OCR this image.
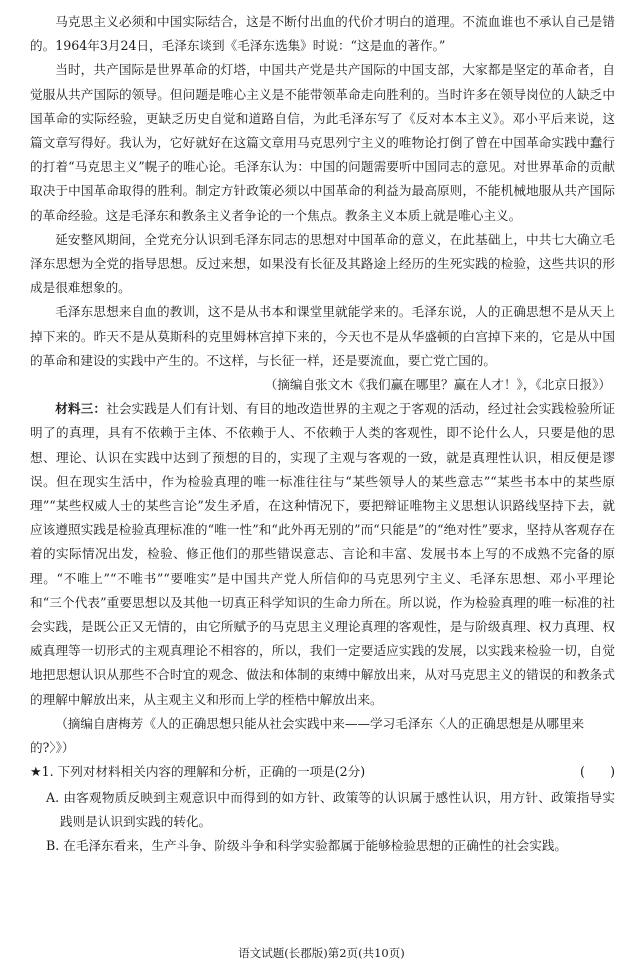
马克思主义必须和中国实际结合，这是不断付出血的代价才明白的道理。不流血谁也不承认自己是错的。1964年3月24日，毛泽东谈到《毛泽东选集》时说：“这是血的著作。”

当时，共产国际是世界革命的灯塔，中国共产党是共产国际的中国支部，大家都是坚定的革命者，自觉服从共产国际的领导。但问题是唯心主义是不能带领革命走向胜利的。当时许多在领导岗位的人缺乏中国革命的实际经验，更缺乏历史自觉和道路自信，为此毛泽东写了《反对本本主义》。邓小平后来说，这篇文章写得好。我认为，它好就好在这篇文章用马克思列宁主义的唯物论打倒了曾在中国革命实践中蠢行的打着“马克思主义”幌子的唯心论。毛泽东认为：中国的问题需要听中国同志的意见。对世界革命的贡献取决于中国革命取得的胜利。制定方针政策必须以中国革命的利益为最高原则，不能机械地服从共产国际的革命经验。这是毛泽东和教条主义者争论的一个焦点。教条主义本质上就是唯心主义。

延安整风期间，全党充分认识到毛泽东同志的思想对中国革命的意义，在此基础上，中共七大确立毛泽东思想为全党的指导思想。反过来想，如果没有长征及其路途上经历的生死实践的检验，这些共识的形成是很难想象的。

毛泽东思想来自血的教训，这不是从书本和课堂里就能学来的。毛泽东说，人的正确思想不是从天上掉下来的。昨天不是从莫斯科的克里姆林宫掉下来的，今天也不是从华盛顿的白宫掉下来的，它是从中国的革命和建设的实践中产生的。不这样，与长征一样，还是要流血，要亡党亡国的。

（摘编自张文木《我们赢在哪里？赢在人才！》，《北京日报》）

材料三：社会实践是人们有计划、有目的地改造世界的主观之于客观的活动，经过社会实践检验所证明了的真理，具有不依赖于主体、不依赖于人、不依赖于人类的客观性，即不论什么人，只要是他的思想、理论、认识在实践中达到了预想的目的，实现了主观与客观的一致，就是真理性认识，相反便是谬误。但在现实生活中，作为检验真理的唯一标准往往与“某些领导人的某些意志”“某些书本中的某些原理”“某些权威人士的某些言论”发生矛盾，在这种情况下，要把辩证唯物主义思想认识路线坚持下去，就应该遵照实践是检验真理标准的“唯一性”和“此外再无别的”而“只能是”的“绝对性”要求，坚持从客观存在着的实际情况出发，检验、修正他们的那些错误意志、言论和丰富、发展书本上写的不成熟不完备的原理。“不唯上”“不唯书”“要唯实”是中国共产党人所信仰的马克思列宁主义、毛泽东思想、邓小平理论和“三个代表”重要思想以及其他一切真正科学知识的生命力所在。所以说，作为检验真理的唯一标准的社会实践，是既公正又无情的，由它所赋予的马克思主义理论真理的客观性，是与阶级真理、权力真理、权威真理等一切形式的主观真理论不相容的，所以，我们一定要适应实践的发展，以实践来检验一切，自觉地把思想认识从那些不合时宜的观念、做法和体制的束缚中解放出来，从对马克思主义的错误的和教条式的理解中解放出来，从主观主义和形而上学的桎梏中解放出来。

（摘编自唐梅芳《人的正确思想只能从社会实践中来——学习毛泽东〈人的正确思想是从哪里来的?〉》）

★1. 下列对材料相关内容的理解和分析，正确的一项是(2分)	(　　)

A. 由客观物质反映到主观意识中而得到的如方针、政策等的认识属于感性认识，用方针、政策指导实践则是认识到实践的转化。

B. 在毛泽东看来，生产斗争、阶级斗争和科学实验都属于能够检验思想的正确性的社会实践。

语文试题(长郡版)第2页(共10页)
